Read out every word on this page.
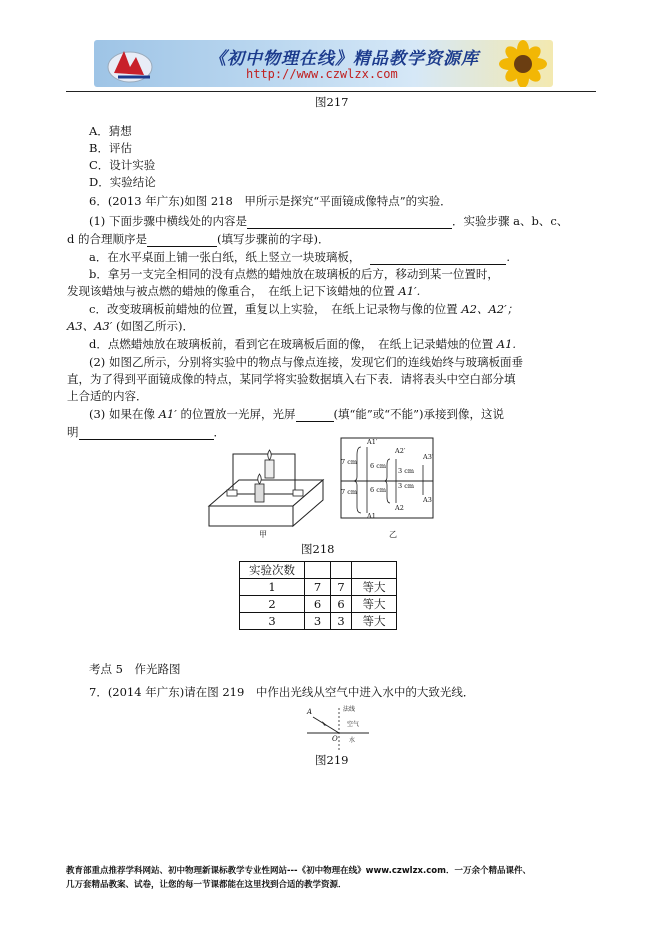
《初中物理在线》精品教学资源库
http://www.czwlzx.com
图217
A．猜想
B．评估
C．设计实验
D．实验结论
6．(2013 年广东)如图 218　甲所示是探究“平面镜成像特点”的实验．
(1) 下面步骤中横线处的内容是	．实验步骤 a、b、c、
d 的合理顺序是	(填写步骤前的字母)．
a．在水平桌面上铺一张白纸，纸上竖立一块玻璃板，	.
b．拿另一支完全相同的没有点燃的蜡烛放在玻璃板的后方，移动到某一位置时，
发现该蜡烛与被点燃的蜡烛的像重合，　在纸上记下该蜡烛的位置 A1′.
c．改变玻璃板前蜡烛的位置，重复以上实验，　在纸上记录物与像的位置 A2、A2′；
A3、A3′ (如图乙所示)．
d．点燃蜡烛放在玻璃板前，看到它在玻璃板后面的像，　在纸上记录蜡烛的位置 A1.
(2) 如图乙所示，分别将实验中的物点与像点连接，发现它们的连线始终与玻璃板面垂
直，为了得到平面镜成像的特点，某同学将实验数据填入右下表．请将表头中空白部分填
上合适的内容．
(3) 如果在像 A1′ 的位置放一光屏，光屏	(填“能”或“不能”)承接到像，这说
明	．
甲
A1′
A2′
A3′
7 cm 6 cm
3 cm
7 cm 6 cm 3 cm
A3
A2
A1
乙
图218
实验次数			
1	7	7	等大
2	6	6	等大
3	3	3	等大
考点 5　作光路图
7．(2014 年广东)请在图 219　中作出光线从空气中进入水中的大致光线．
A	法线
空气
O 水
图219
教育部重点推荐学科网站、初中物理新课标教学专业性网站---《初中物理在线》www.czwlzx.com．一万余个精品课件、
几万套精品教案、试卷，让您的每一节课都能在这里找到合适的教学资源．
